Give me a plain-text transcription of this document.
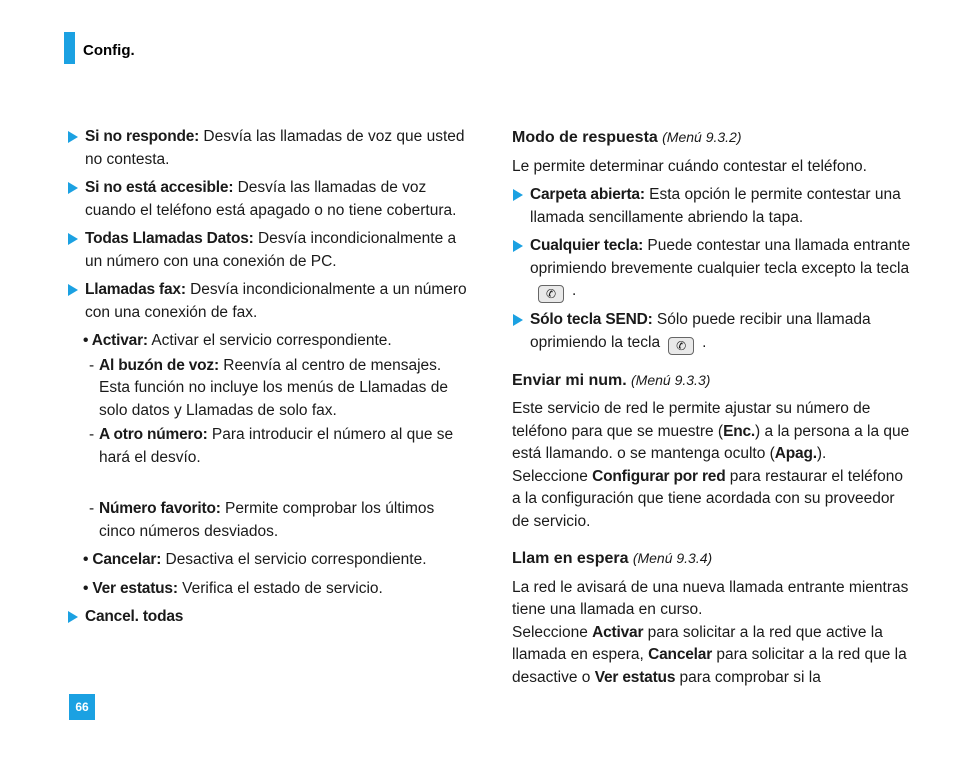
Config.
Si no responde: Desvía las llamadas de voz que usted no contesta.
Si no está accesible: Desvía las llamadas de voz cuando el teléfono está apagado o no tiene cobertura.
Todas Llamadas Datos: Desvía incondicionalmente a un número con una conexión de PC.
Llamadas fax: Desvía incondicionalmente a un número con una conexión de fax.
• Activar: Activar el servicio correspondiente.
- Al buzón de voz: Reenvía al centro de mensajes. Esta función no incluye los menús de Llamadas de solo datos y Llamadas de solo fax.
- A otro número: Para introducir el número al que se hará el desvío.
- Número favorito: Permite comprobar los últimos cinco números desviados.
• Cancelar: Desactiva el servicio correspondiente.
• Ver estatus: Verifica el estado de servicio.
Cancel. todas
Modo de respuesta (Menú 9.3.2)
Le permite determinar cuándo contestar el teléfono.
Carpeta abierta: Esta opción le permite contestar una llamada sencillamente abriendo la tapa.
Cualquier tecla: Puede contestar una llamada entrante oprimiendo brevemente cualquier tecla excepto la tecla✆ .
Sólo tecla SEND: Sólo puede recibir una llamada oprimiendo la tecla ✆ .
Enviar mi num. (Menú 9.3.3)
Este servicio de red le permite ajustar su número de teléfono para que se muestre (Enc.) a la persona a la que está llamando. o se mantenga oculto (Apag.).
Seleccione Configurar por red para restaurar el teléfono a la configuración que tiene acordada con su proveedor de servicio.
Llam en espera (Menú 9.3.4)
La red le avisará de una nueva llamada entrante mientras tiene una llamada en curso.
Seleccione Activar para solicitar a la red que active la llamada en espera, Cancelar para solicitar a la red que la desactive o Ver estatus para comprobar si la
66
